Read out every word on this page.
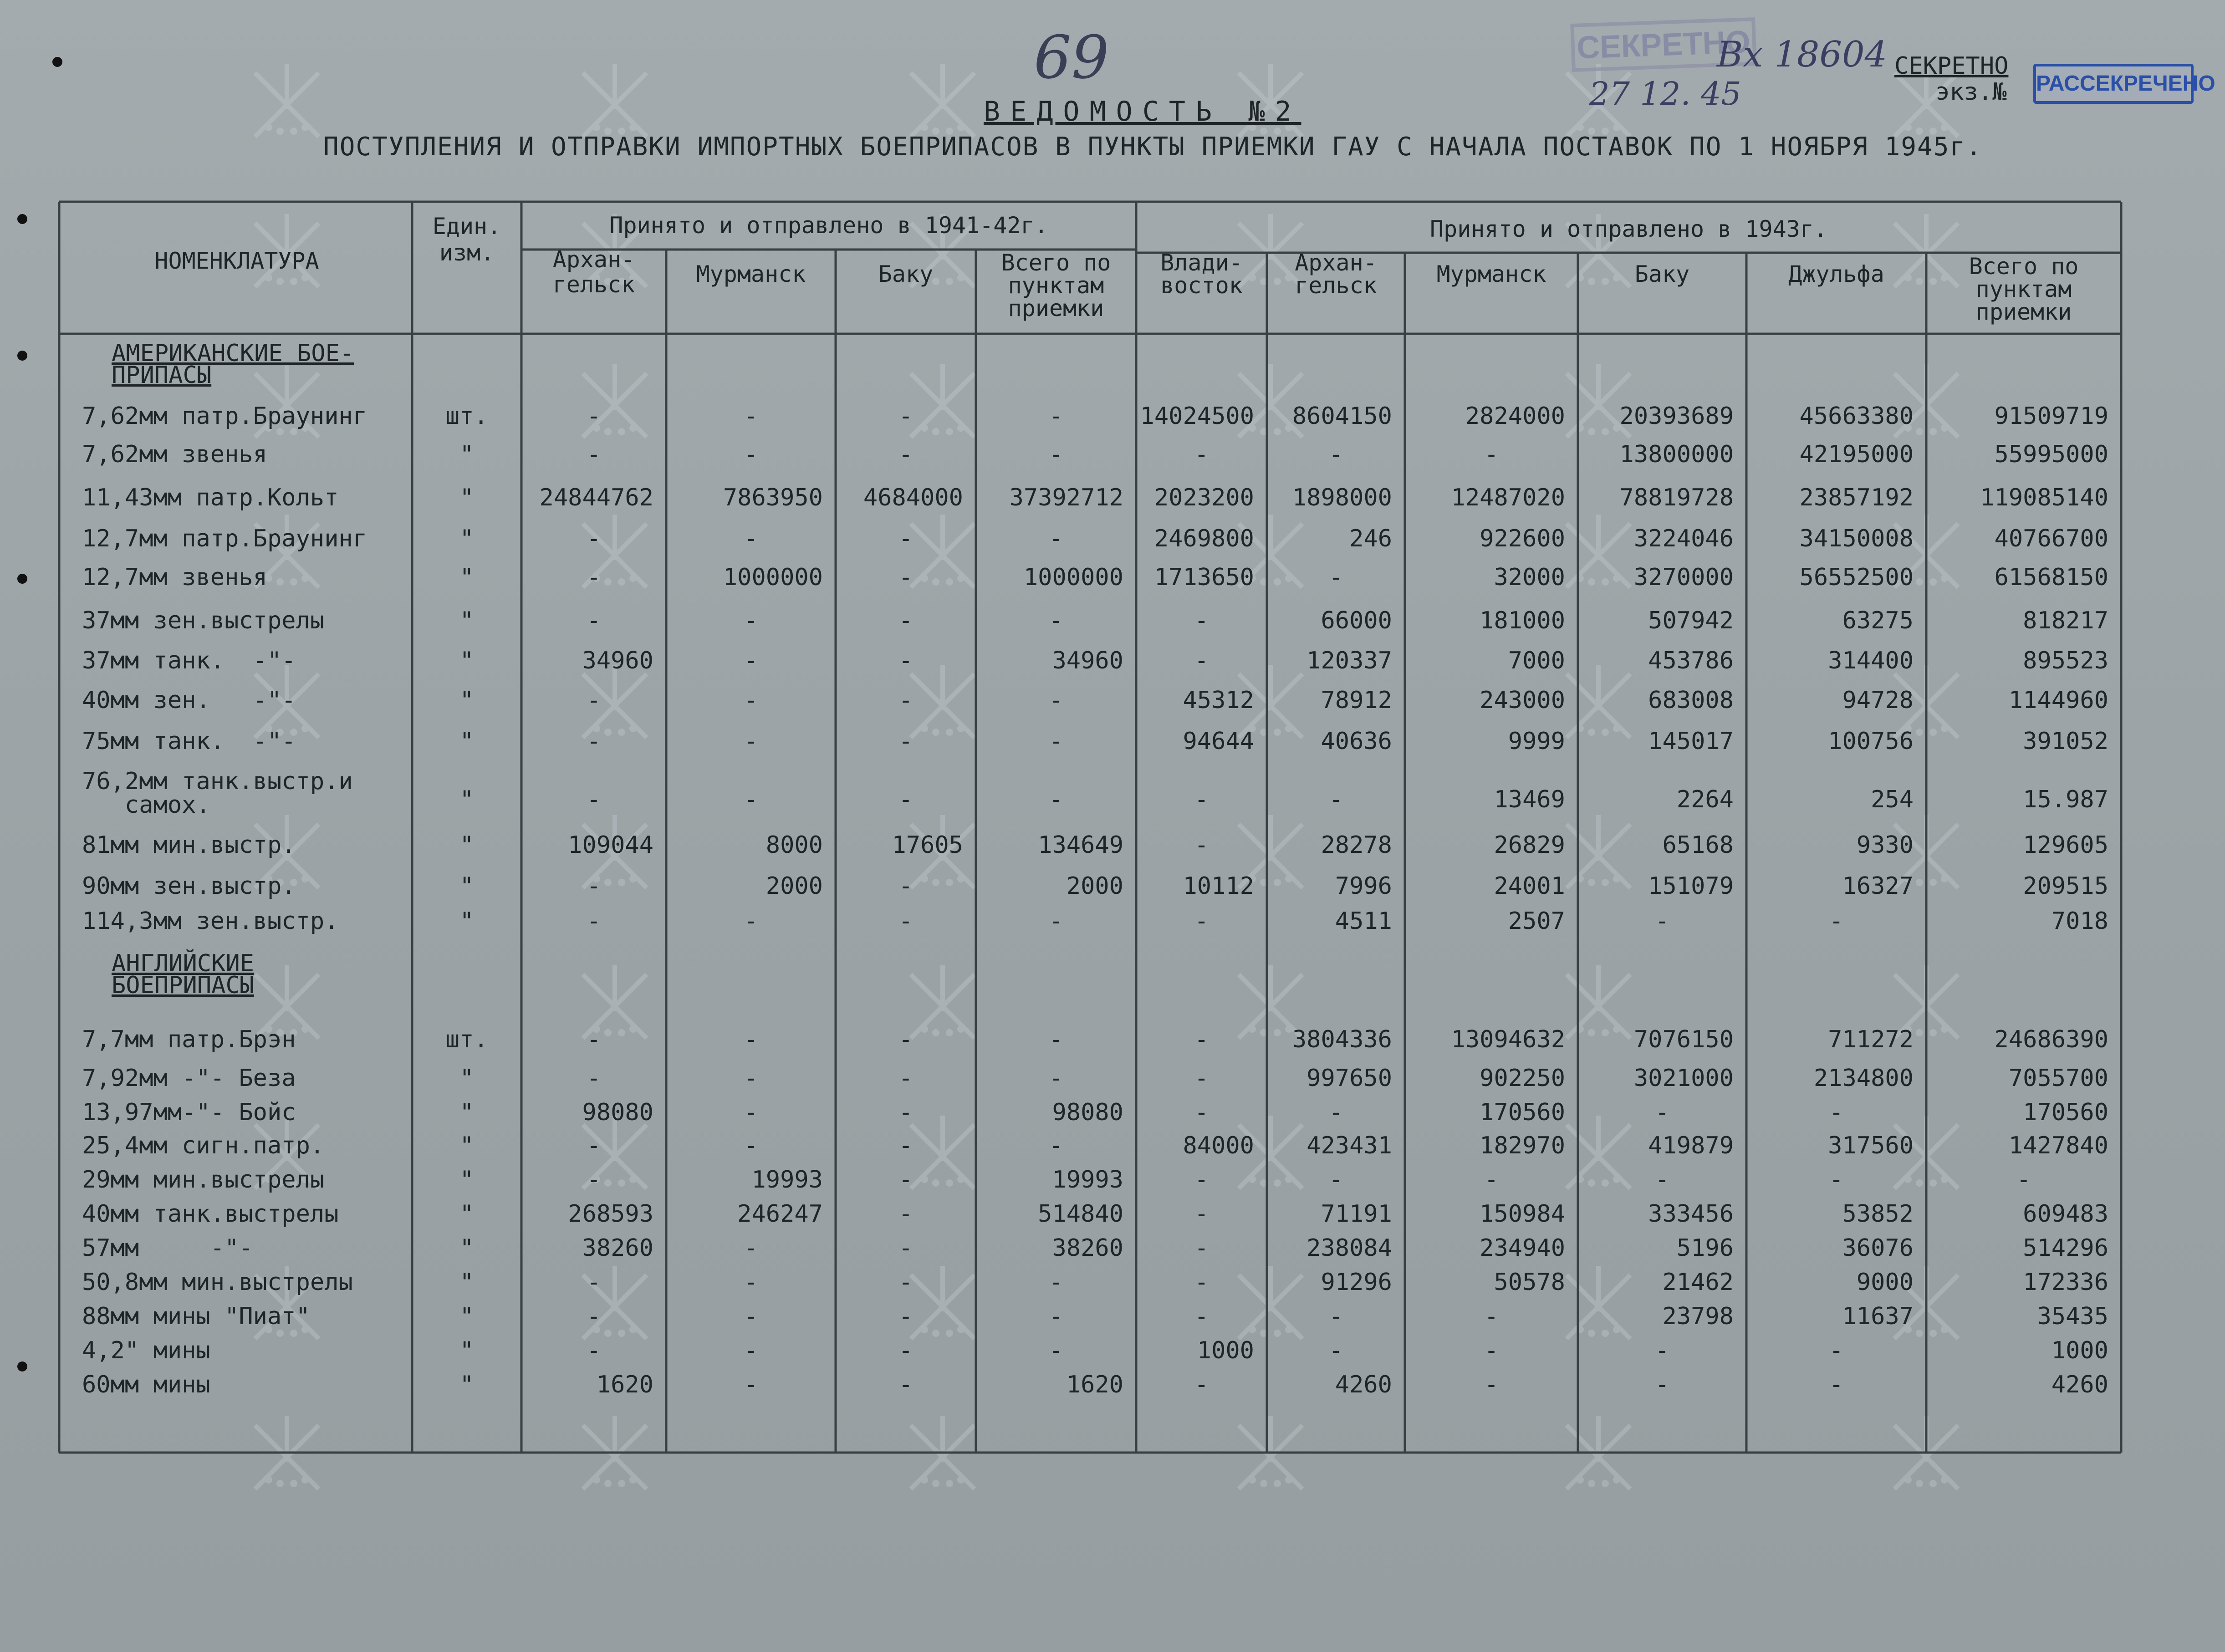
69	СЕКРЕТНО
Вх 18604
27 12. 45
СЕКРЕТНО
экз.№ РАССЕКРЕЧЕНО
ВЕДОМОСТЬ №2
ПОСТУПЛЕНИЯ И ОТПРАВКИ ИМПОРТНЫХ БОЕПРИПАСОВ В ПУНКТЫ ПРИЕМКИ ГАУ С НАЧАЛА ПОСТАВОК ПО 1 НОЯБРЯ 1945г.
НОМЕНКЛАТУРА
Един.
изм.
Принято и отправлено в 1941-42г.	Принято и отправлено в 1943г.
Архан-
гельск	Мурманск	Баку	Всего по
пунктам
приемки
Влади-
восток
Архан-
гельск	Мурманск	Баку	Джульфа	Всего по
пунктам
приемки
АМЕРИКАНСКИЕ БОЕ-
ПРИПАСЫ
АНГЛИЙСКИЕ
БОЕПРИПАСЫ
7,62мм патр.Браунинг	шт.	-	-	-	-	14024500	8604150	2824000	20393689	45663380	91509719
7,62мм звенья	"	-	-	-	-	-	-	-	13800000	42195000	55995000
11,43мм патр.Кольт	"	24844762	7863950	4684000	37392712	2023200	1898000	12487020	78819728	23857192	119085140
12,7мм патр.Браунинг	"	-	-	-	-	2469800	246	922600	3224046	34150008	40766700
12,7мм звенья	"	-	1000000	-	1000000	1713650	-	32000	3270000	56552500	61568150
37мм зен.выстрелы	"	-	-	-	-	-	66000	181000	507942	63275	818217
37мм танк.  -"-	"	34960	-	-	34960	-	120337	7000	453786	314400	895523
40мм зен.   -"-	"	-	-	-	-	45312	78912	243000	683008	94728	1144960
75мм танк.  -"-	"	-	-	-	-	94644	40636	9999	145017	100756	391052
76,2мм танк.выстр.и
самох.	"	-	-	-	-	-	-	13469	2264	254	15.987
81мм мин.выстр.	"	109044	8000	17605	134649	-	28278	26829	65168	9330	129605
90мм зен.выстр.	"	-	2000	-	2000	10112	7996	24001	151079	16327	209515
114,3мм зен.выстр.	"	-	-	-	-	-	4511	2507	-	-	7018
7,7мм патр.Брэн	шт.	-	-	-	-	-	3804336	13094632	7076150	711272	24686390
7,92мм -"- Беза	"	-	-	-	-	-	997650	902250	3021000	2134800	7055700
13,97мм-"- Бойс	"	98080	-	-	98080	-	-	170560	-	-	170560
25,4мм сигн.патр.	"	-	-	-	-	84000	423431	182970	419879	317560	1427840
29мм мин.выстрелы	"	-	19993	-	19993	-	-	-	-	-	-
40мм танк.выстрелы	"	268593	246247	-	514840	-	71191	150984	333456	53852	609483
57мм     -"-	"	38260	-	-	38260	-	238084	234940	5196	36076	514296
50,8мм мин.выстрелы	"	-	-	-	-	-	91296	50578	21462	9000	172336
88мм мины "Пиат"	"	-	-	-	-	-	-	-	23798	11637	35435
4,2" мины	"	-	-	-	-	1000	-	-	-	-	1000
60мм мины	"	1620	-	-	1620	-	4260	-	-	-	4260
